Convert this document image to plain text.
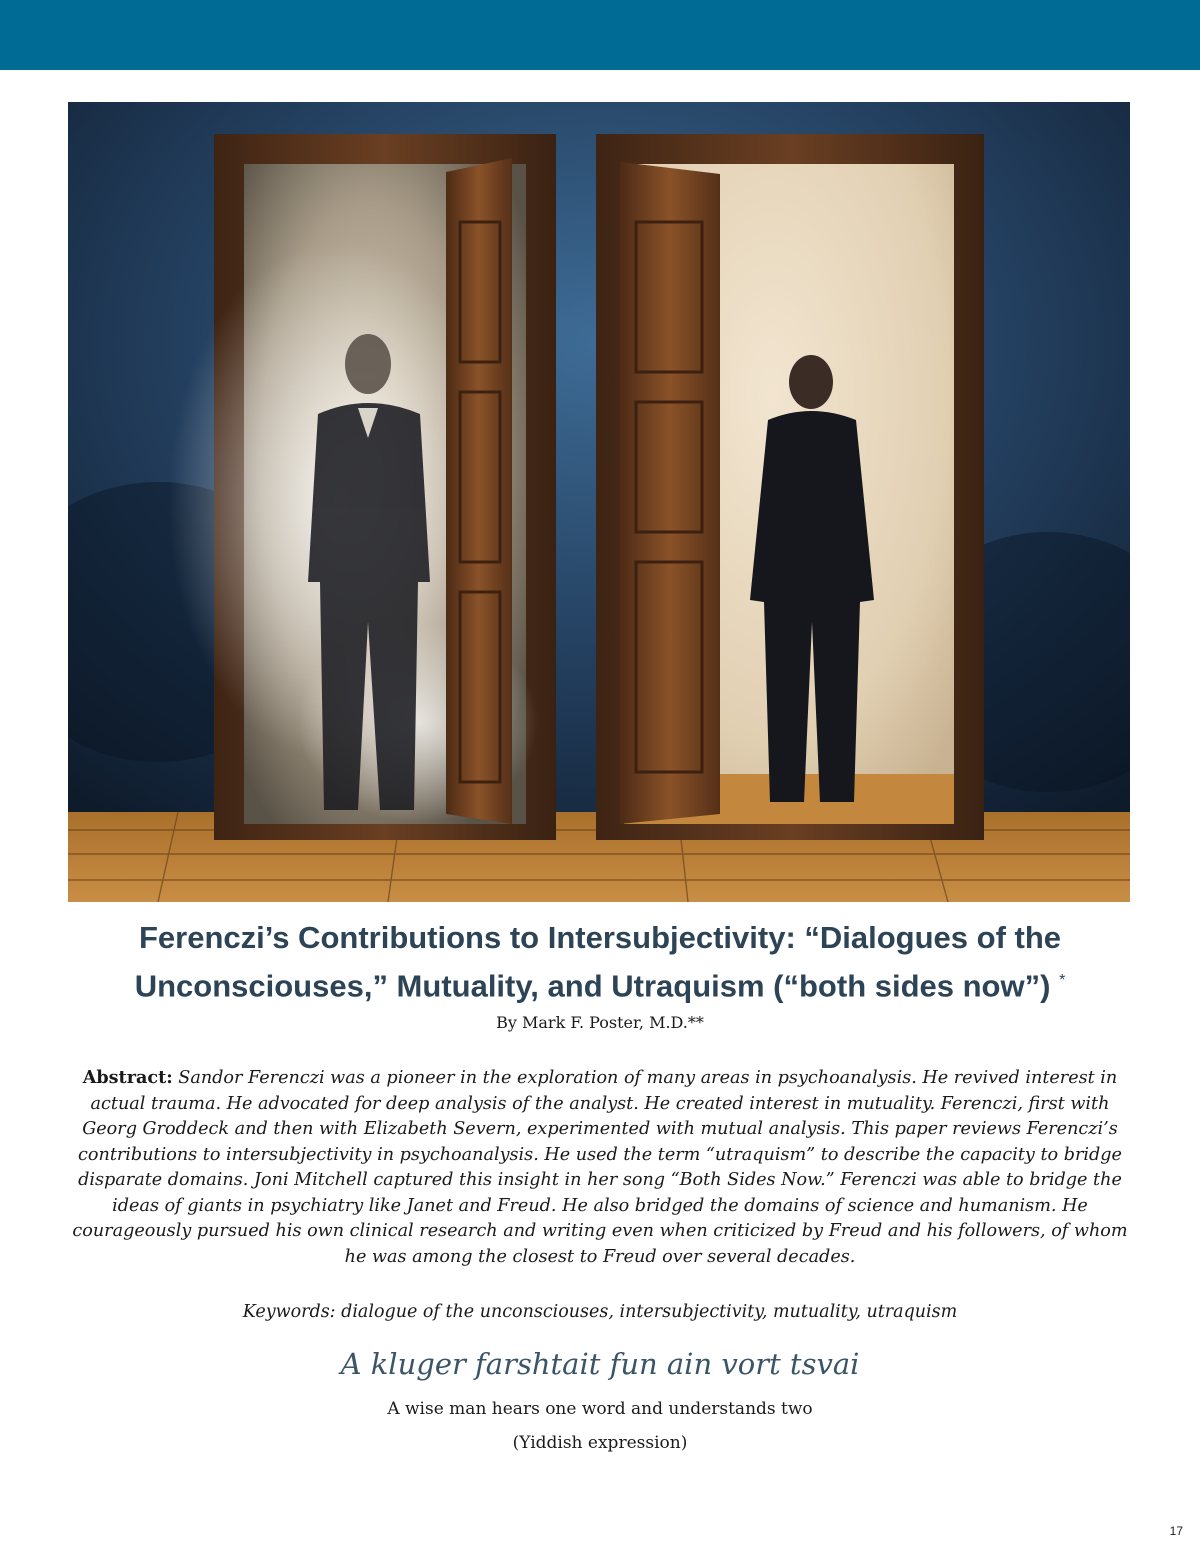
Ferenczi’s Contributions to Intersubjectivity: “Dialogues of the Unconsciouses,” Mutuality, and Utraquism (“both sides now”) *
By Mark F. Poster, M.D.**

Abstract: Sandor Ferenczi was a pioneer in the exploration of many areas in psychoanalysis. He revived interest in actual trauma. He advocated for deep analysis of the analyst. He created interest in mutuality. Ferenczi, first with Georg Groddeck and then with Elizabeth Severn, experimented with mutual analysis. This paper reviews Ferenczi’s contributions to intersubjectivity in psychoanalysis. He used the term “utraquism” to describe the capacity to bridge disparate domains. Joni Mitchell captured this insight in her song “Both Sides Now.” Ferenczi was able to bridge the ideas of giants in psychiatry like Janet and Freud. He also bridged the domains of science and humanism. He courageously pursued his own clinical research and writing even when criticized by Freud and his followers, of whom he was among the closest to Freud over several decades.

Keywords: dialogue of the unconsciouses, intersubjectivity, mutuality, utraquism
A kluger farshtait fun ain vort tsvai
A wise man hears one word and understands two
(Yiddish expression)
17
